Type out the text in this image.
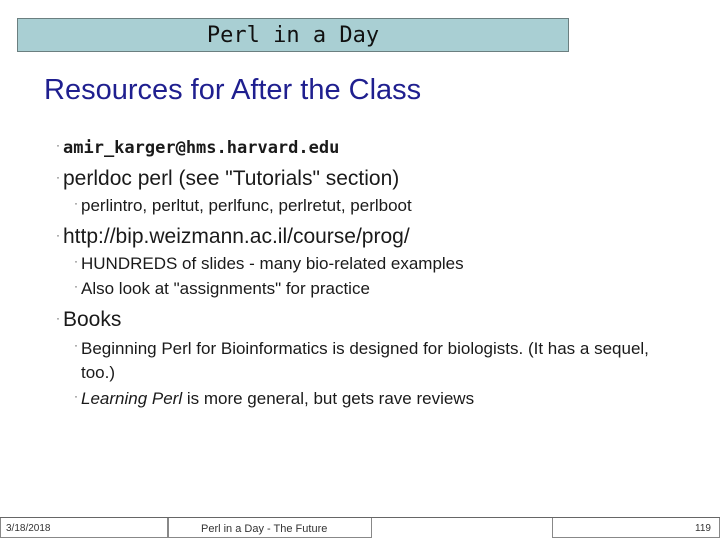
Perl in a Day
Resources for After the Class
· amir_karger@hms.harvard.edu
· perldoc perl (see "Tutorials" section)
· perlintro, perltut, perlfunc, perlretut, perlboot
· http://bip.weizmann.ac.il/course/prog/
· HUNDREDS of slides - many bio-related examples
· Also look at "assignments" for practice
· Books
· Beginning Perl for Bioinformatics is designed for biologists. (It has a sequel, too.)
· Learning Perl is more general, but gets rave reviews
3/18/2018	Perl in a Day - The Future	119
